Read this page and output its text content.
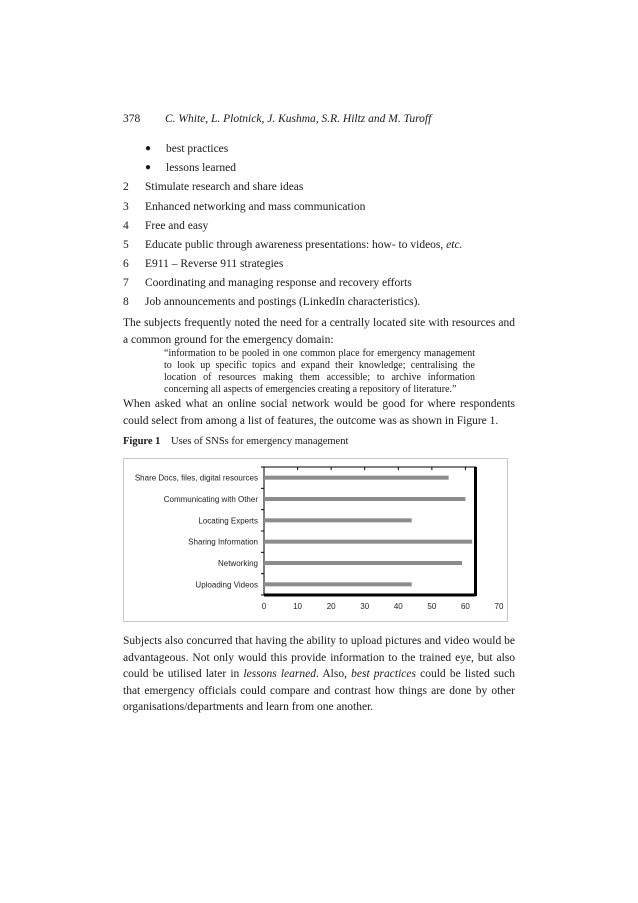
378 C. White, L. Plotnick, J. Kushma, S.R. Hiltz and M. Turoff
● best practices
● lessons learned
2 Stimulate research and share ideas
3 Enhanced networking and mass communication
4 Free and easy
5 Educate public through awareness presentations: how- to videos, etc.
6 E911 – Reverse 911 strategies
7 Coordinating and managing response and recovery efforts
8 Job announcements and postings (LinkedIn characteristics).

The subjects frequently noted the need for a centrally located site with resources and a common ground for the emergency domain:

“information to be pooled in one common place for emergency management to look up specific topics and expand their knowledge; centralising the location of resources making them accessible; to archive information concerning all aspects of emergencies creating a repository of literature.”

When asked what an online social network would be good for where respondents could select from among a list of features, the outcome was as shown in Figure 1.

Figure 1 Uses of SNSs for emergency management
Share Docs, files, digital resources
Communicating with Other
Locating Experts
Sharing Information
Networking
Uploading Videos
0	10	20	30	40	50	60	70

Subjects also concurred that having the ability to upload pictures and video would be advantageous. Not only would this provide information to the trained eye, but also could be utilised later in lessons learned. Also, best practices could be listed such that emergency officials could compare and contrast how things are done by other organisations/departments and learn from one another.
